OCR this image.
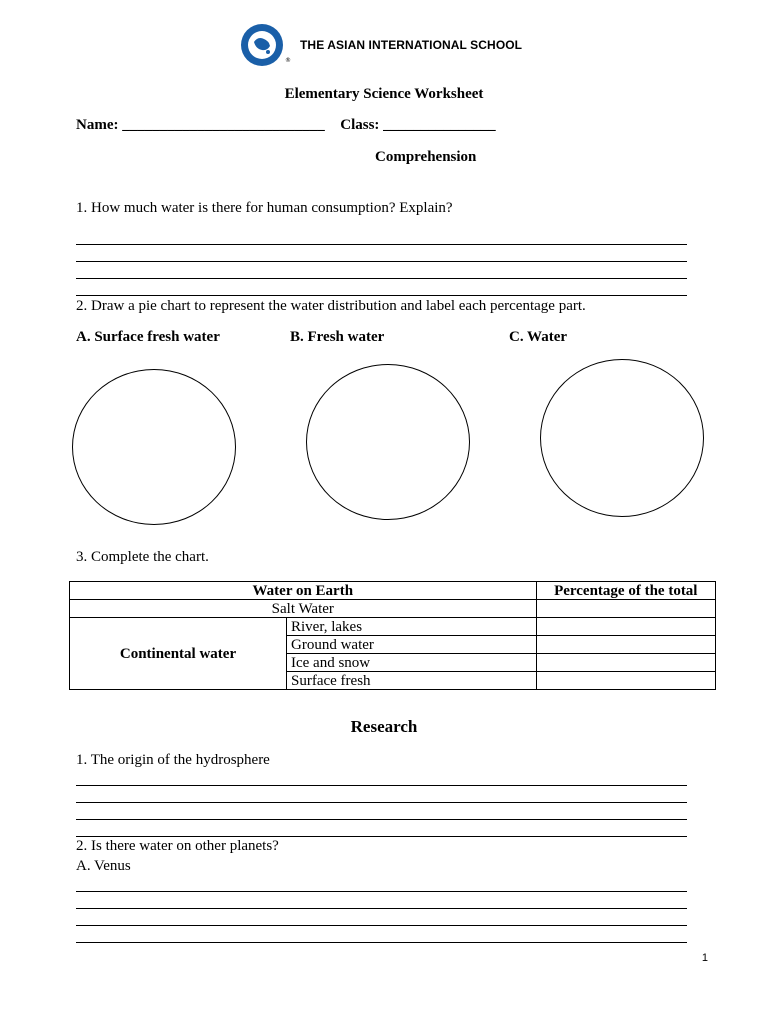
®
THE ASIAN INTERNATIONAL SCHOOL
Elementary Science Worksheet
Name: ___________________________ Class: _______________
Comprehension
1. How much water is there for human consumption? Explain?
2. Draw a pie chart to represent the water distribution and label each percentage part.
A. Surface fresh water	B. Fresh water	C. Water
3. Complete the chart.
Water on Earth		Percentage of the total
Salt Water		
Continental water	River, lakes	
	Ground water	
	Ice and snow	
	Surface fresh	
Research
1. The origin of the hydrosphere
2. Is there water on other planets?
A. Venus
1
